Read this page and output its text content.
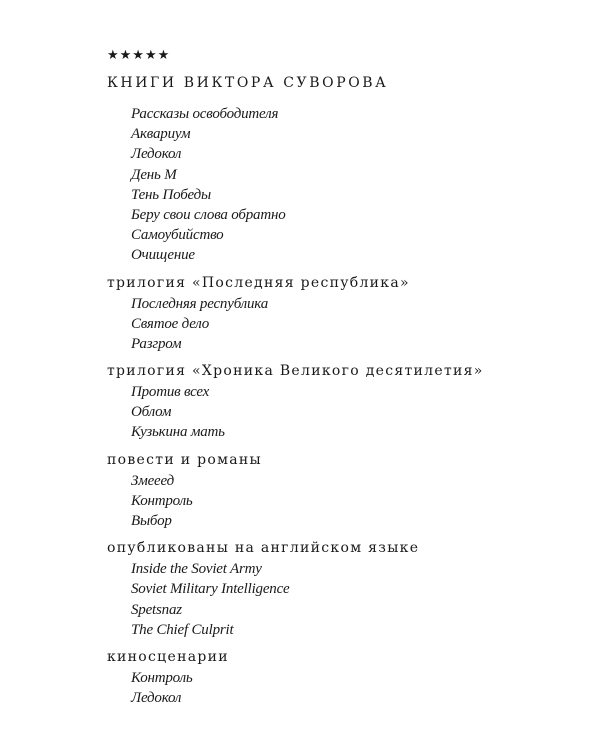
★★★★★
КНИГИ ВИКТОРА СУВОРОВА
Рассказы освободителя
Аквариум
Ледокол
День М
Тень Победы
Беру свои слова обратно
Самоубийство
Очищение
трилогия «Последняя республика»
Последняя республика
Святое дело
Разгром
трилогия «Хроника Великого десятилетия»
Против всех
Облом
Кузькина мать
повести и романы
Змееед
Контроль
Выбор
опубликованы на английском языке
Inside the Soviet Army
Soviet Military Intelligence
Spetsnaz
The Chief Culprit
киносценарии
Контроль
Ледокол
